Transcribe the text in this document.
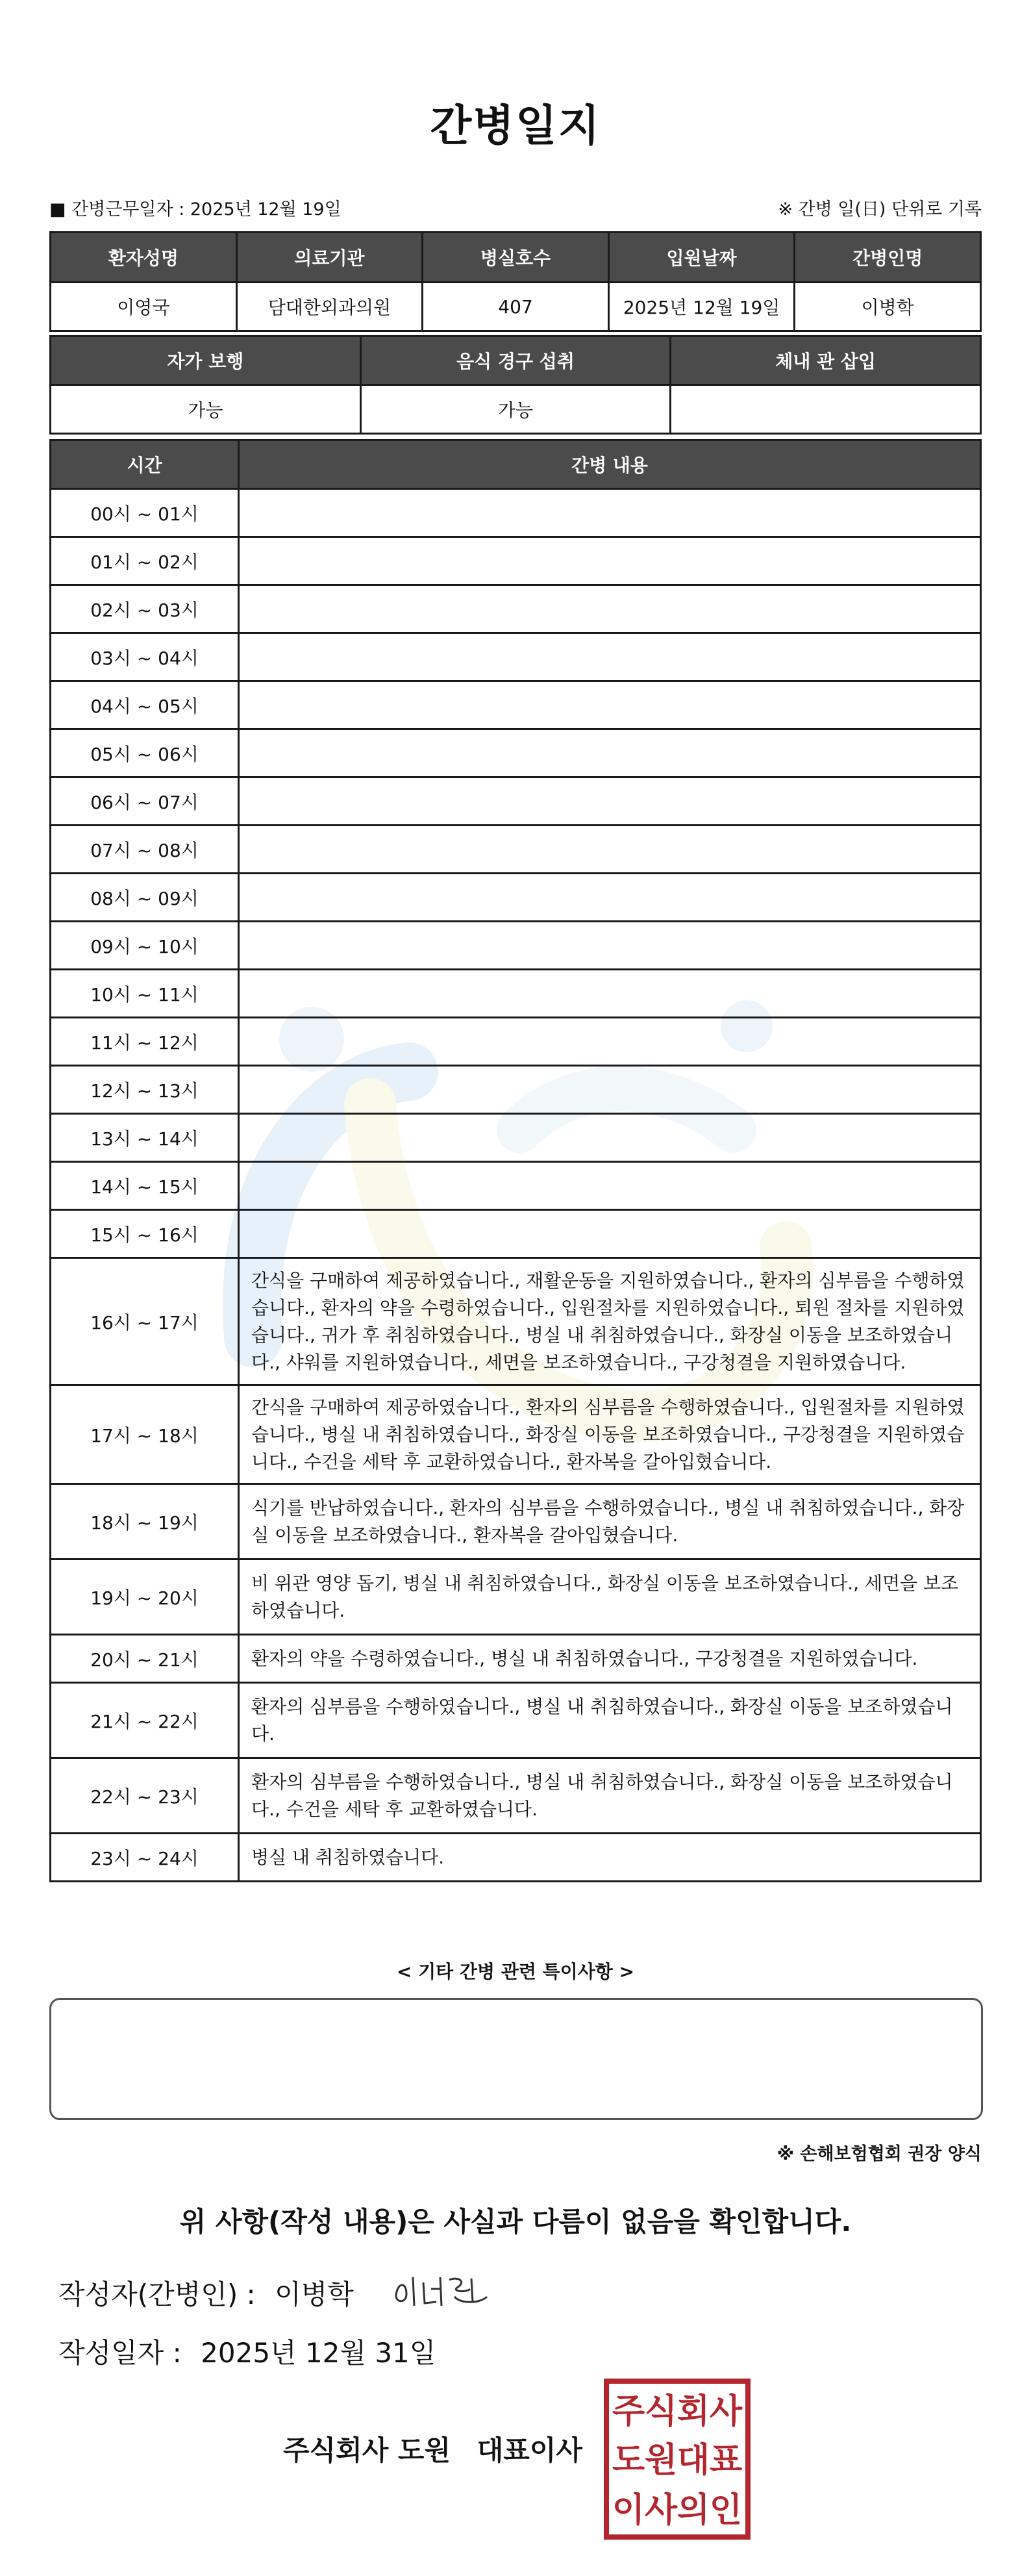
간병일지
■ 간병근무일자 : 2025년 12월 19일	※ 간병 일(日) 단위로 기록
환자성명	의료기관	병실호수	입원날짜	간병인명
이영국	담대한외과의원	407	2025년 12월 19일	이병학
자가 보행	음식 경구 섭취	체내 관 삽입
가능	가능	
시간	간병 내용
00시 ~ 01시	
01시 ~ 02시	
02시 ~ 03시	
03시 ~ 04시	
04시 ~ 05시	
05시 ~ 06시	
06시 ~ 07시	
07시 ~ 08시	
08시 ~ 09시	
09시 ~ 10시	
10시 ~ 11시	
11시 ~ 12시	
12시 ~ 13시	
13시 ~ 14시	
14시 ~ 15시	
15시 ~ 16시	
16시 ~ 17시	간식을 구매하여 제공하였습니다., 재활운동을 지원하였습니다., 환자의 심부름을 수행하였습니다., 환자의 약을 수령하였습니다., 입원절차를 지원하였습니다., 퇴원 절차를 지원하였습니다., 귀가 후 취침하였습니다., 병실 내 취침하였습니다., 화장실 이동을 보조하였습니다., 샤워를 지원하였습니다., 세면을 보조하였습니다., 구강청결을 지원하였습니다.
17시 ~ 18시	간식을 구매하여 제공하였습니다., 환자의 심부름을 수행하였습니다., 입원절차를 지원하였습니다., 병실 내 취침하였습니다., 화장실 이동을 보조하였습니다., 구강청결을 지원하였습니다., 수건을 세탁 후 교환하였습니다., 환자복을 갈아입혔습니다.
18시 ~ 19시	식기를 반납하였습니다., 환자의 심부름을 수행하였습니다., 병실 내 취침하였습니다., 화장실 이동을 보조하였습니다., 환자복을 갈아입혔습니다.
19시 ~ 20시	비 위관 영양 돕기, 병실 내 취침하였습니다., 화장실 이동을 보조하였습니다., 세면을 보조하였습니다.
20시 ~ 21시	환자의 약을 수령하였습니다., 병실 내 취침하였습니다., 구강청결을 지원하였습니다.
21시 ~ 22시	환자의 심부름을 수행하였습니다., 병실 내 취침하였습니다., 화장실 이동을 보조하였습니다.
22시 ~ 23시	환자의 심부름을 수행하였습니다., 병실 내 취침하였습니다., 화장실 이동을 보조하였습니다., 수건을 세탁 후 교환하였습니다.
23시 ~ 24시	병실 내 취침하였습니다.
< 기타 간병 관련 특이사항 >
※ 손해보험협회 권장 양식
위 사항(작성 내용)은 사실과 다름이 없음을 확인합니다.
작성자(간병인) : 이병학
작성일자 : 2025년 12월 31일
주식회사 도원 대표이사
주 식 회 사
도 원 대 표
이 사 의 인
